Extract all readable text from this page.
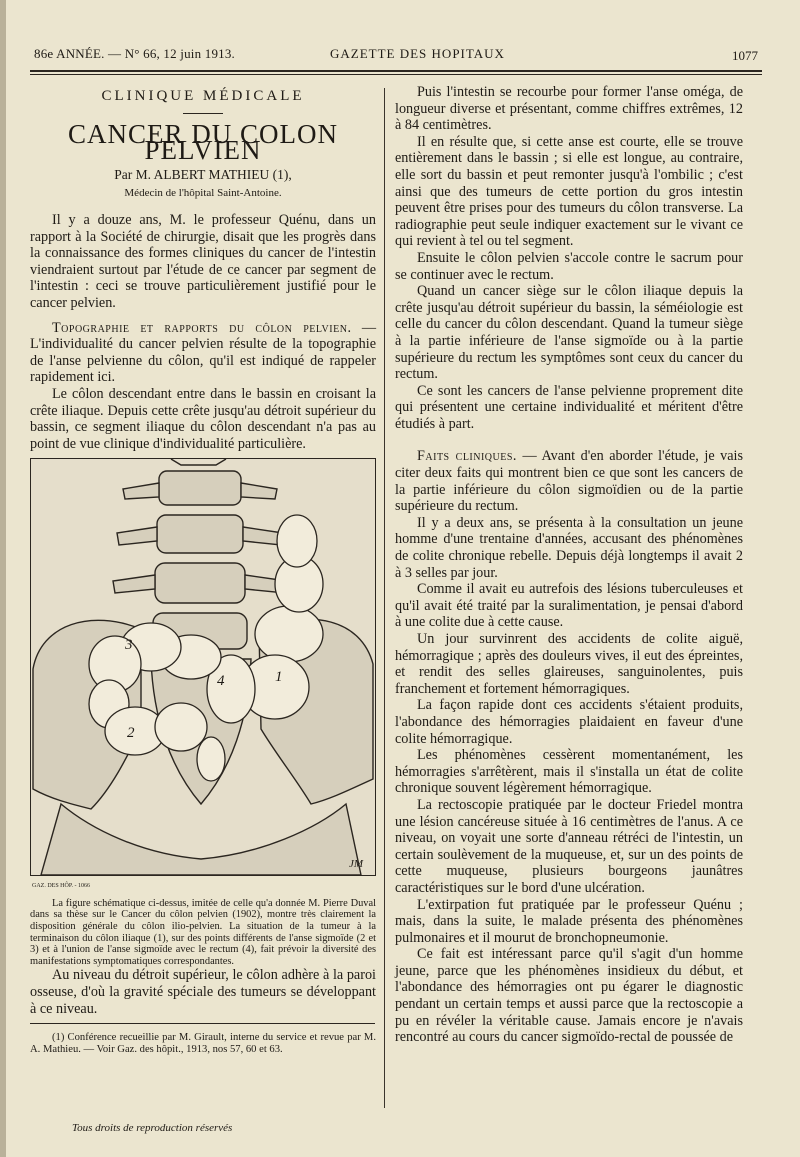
86e ANNÉE. — N° 66, 12 juin 1913.	GAZETTE DES HOPITAUX	1077
CLINIQUE MÉDICALE
CANCER DU COLON PELVIEN
Par M. ALBERT MATHIEU (1),
Médecin de l'hôpital Saint-Antoine.

Il y a douze ans, M. le professeur Quénu, dans un rapport à la Société de chirurgie, disait que les progrès dans la connaissance des formes cliniques du cancer de l'intestin viendraient surtout par l'étude de ce cancer par segment de l'intestin : ceci se trouve particulièrement justifié pour le cancer pelvien.

Topographie et rapports du côlon pelvien. — L'individualité du cancer pelvien résulte de la topographie de l'anse pelvienne du côlon, qu'il est indiqué de rappeler rapidement ici.

Le côlon descendant entre dans le bassin en croisant la crête iliaque. Depuis cette crête jusqu'au détroit supérieur du bassin, ce segment iliaque du côlon descendant n'a pas au point de vue clinique d'individualité particulière.

1
2
3
4
JM
GAZ. DES HÔP. - 1066

La figure schématique ci-dessus, imitée de celle qu'a donnée M. Pierre Duval dans sa thèse sur le Cancer du côlon pelvien (1902), montre très clairement la disposition générale du côlon ilio-pelvien. La situation de la tumeur à la terminaison du côlon iliaque (1), sur des points différents de l'anse sigmoïde (2 et 3) et à l'union de l'anse sigmoïde avec le rectum (4), fait prévoir la diversité des manifestations symptomatiques correspondantes.

Au niveau du détroit supérieur, le côlon adhère à la paroi osseuse, d'où la gravité spéciale des tumeurs se développant à ce niveau.

(1) Conférence recueillie par M. Girault, interne du service et revue par M. A. Mathieu. — Voir Gaz. des hôpit., 1913, nos 57, 60 et 63.

Puis l'intestin se recourbe pour former l'anse oméga, de longueur diverse et présentant, comme chiffres extrêmes, 12 à 84 centimètres.

Il en résulte que, si cette anse est courte, elle se trouve entièrement dans le bassin ; si elle est longue, au contraire, elle sort du bassin et peut remonter jusqu'à l'ombilic ; c'est ainsi que des tumeurs de cette portion du gros intestin peuvent être prises pour des tumeurs du côlon transverse. La radiographie peut seule indiquer exactement sur le vivant ce qui revient à tel ou tel segment.

Ensuite le côlon pelvien s'accole contre le sacrum pour se continuer avec le rectum.

Quand un cancer siège sur le côlon iliaque depuis la crête jusqu'au détroit supérieur du bassin, la séméiologie est celle du cancer du côlon descendant. Quand la tumeur siège à la partie inférieure de l'anse sigmoïde ou à la partie supérieure du rectum les symptômes sont ceux du cancer du rectum.

Ce sont les cancers de l'anse pelvienne proprement dite qui présentent une certaine individualité et méritent d'être étudiés à part.

Faits cliniques. — Avant d'en aborder l'étude, je vais citer deux faits qui montrent bien ce que sont les cancers de la partie inférieure du côlon sigmoïdien ou de la partie supérieure du rectum.

Il y a deux ans, se présenta à la consultation un jeune homme d'une trentaine d'années, accusant des phénomènes de colite chronique rebelle. Depuis déjà longtemps il avait 2 à 3 selles par jour.

Comme il avait eu autrefois des lésions tuberculeuses et qu'il avait été traité par la suralimentation, je pensai d'abord à une colite due à cette cause.

Un jour survinrent des accidents de colite aiguë, hémorragique ; après des douleurs vives, il eut des épreintes, et rendit des selles glaireuses, sanguinolentes, puis franchement et fortement hémorragiques.

La façon rapide dont ces accidents s'étaient produits, l'abondance des hémorragies plaidaient en faveur d'une colite hémorragique.

Les phénomènes cessèrent momentanément, les hémorragies s'arrêtèrent, mais il s'installa un état de colite chronique souvent légèrement hémorragique.

La rectoscopie pratiquée par le docteur Friedel montra une lésion cancéreuse située à 16 centimètres de l'anus. A ce niveau, on voyait une sorte d'anneau rétréci de l'intestin, un certain soulèvement de la muqueuse, et, sur un des points de cette muqueuse, plusieurs bourgeons jaunâtres caractéristiques sur le bord d'une ulcération.

L'extirpation fut pratiquée par le professeur Quénu ; mais, dans la suite, le malade présenta des phénomènes pulmonaires et il mourut de bronchopneumonie.

Ce fait est intéressant parce qu'il s'agit d'un homme jeune, parce que les phénomènes insidieux du début, et l'abondance des hémorragies ont pu égarer le diagnostic pendant un certain temps et aussi parce que la rectoscopie a pu en révéler la véritable cause. Jamais encore je n'avais rencontré au cours du cancer sigmoïdo-rectal de poussée de

Tous droits de reproduction réservés
